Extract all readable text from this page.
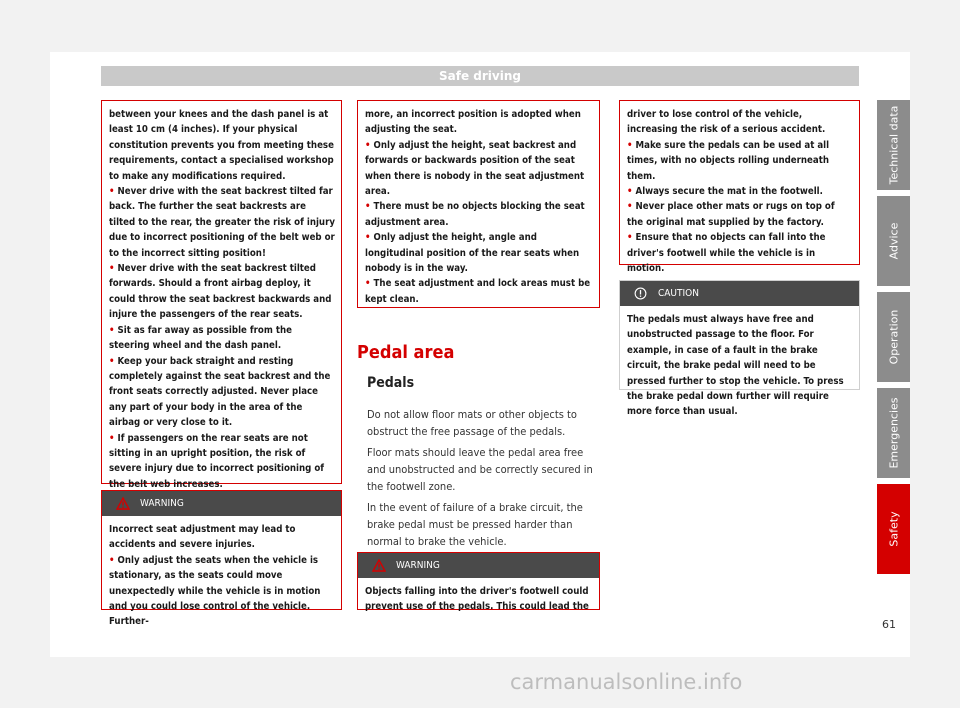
Safe driving

between your knees and the dash panel is at least 10 cm (4 inches). If your physical constitution prevents you from meeting these requirements, contact a specialised workshop to make any modifications required.

• Never drive with the seat backrest tilted far back. The further the seat backrests are tilted to the rear, the greater the risk of injury due to incorrect positioning of the belt web or to the incorrect sitting position!

• Never drive with the seat backrest tilted forwards. Should a front airbag deploy, it could throw the seat backrest backwards and injure the passengers of the rear seats.

• Sit as far away as possible from the steering wheel and the dash panel.

• Keep your back straight and resting completely against the seat backrest and the front seats correctly adjusted. Never place any part of your body in the area of the airbag or very close to it.

• If passengers on the rear seats are not sitting in an upright position, the risk of severe injury due to incorrect positioning of the belt web increases.

WARNING

Incorrect seat adjustment may lead to accidents and severe injuries.

• Only adjust the seats when the vehicle is stationary, as the seats could move unexpectedly while the vehicle is in motion and you could lose control of the vehicle. Further-

more, an incorrect position is adopted when adjusting the seat.

• Only adjust the height, seat backrest and forwards or backwards position of the seat when there is nobody in the seat adjustment area.

• There must be no objects blocking the seat adjustment area.

• Only adjust the height, angle and longitudinal position of the rear seats when nobody is in the way.

• The seat adjustment and lock areas must be kept clean.

Pedal area
Pedals

Do not allow floor mats or other objects to obstruct the free passage of the pedals.

Floor mats should leave the pedal area free and unobstructed and be correctly secured in the footwell zone.

In the event of failure of a brake circuit, the brake pedal must be pressed harder than normal to brake the vehicle.

WARNING

Objects falling into the driver's footwell could prevent use of the pedals. This could lead the

driver to lose control of the vehicle, increasing the risk of a serious accident.

• Make sure the pedals can be used at all times, with no objects rolling underneath them.

• Always secure the mat in the footwell.

• Never place other mats or rugs on top of the original mat supplied by the factory.

• Ensure that no objects can fall into the driver's footwell while the vehicle is in motion.

CAUTION

The pedals must always have free and unobstructed passage to the floor. For example, in case of a fault in the brake circuit, the brake pedal will need to be pressed further to stop the vehicle. To press the brake pedal down further will require more force than usual.

Technical data
Advice
Operation
Emergencies
Safety
61
carmanualsonline.info
